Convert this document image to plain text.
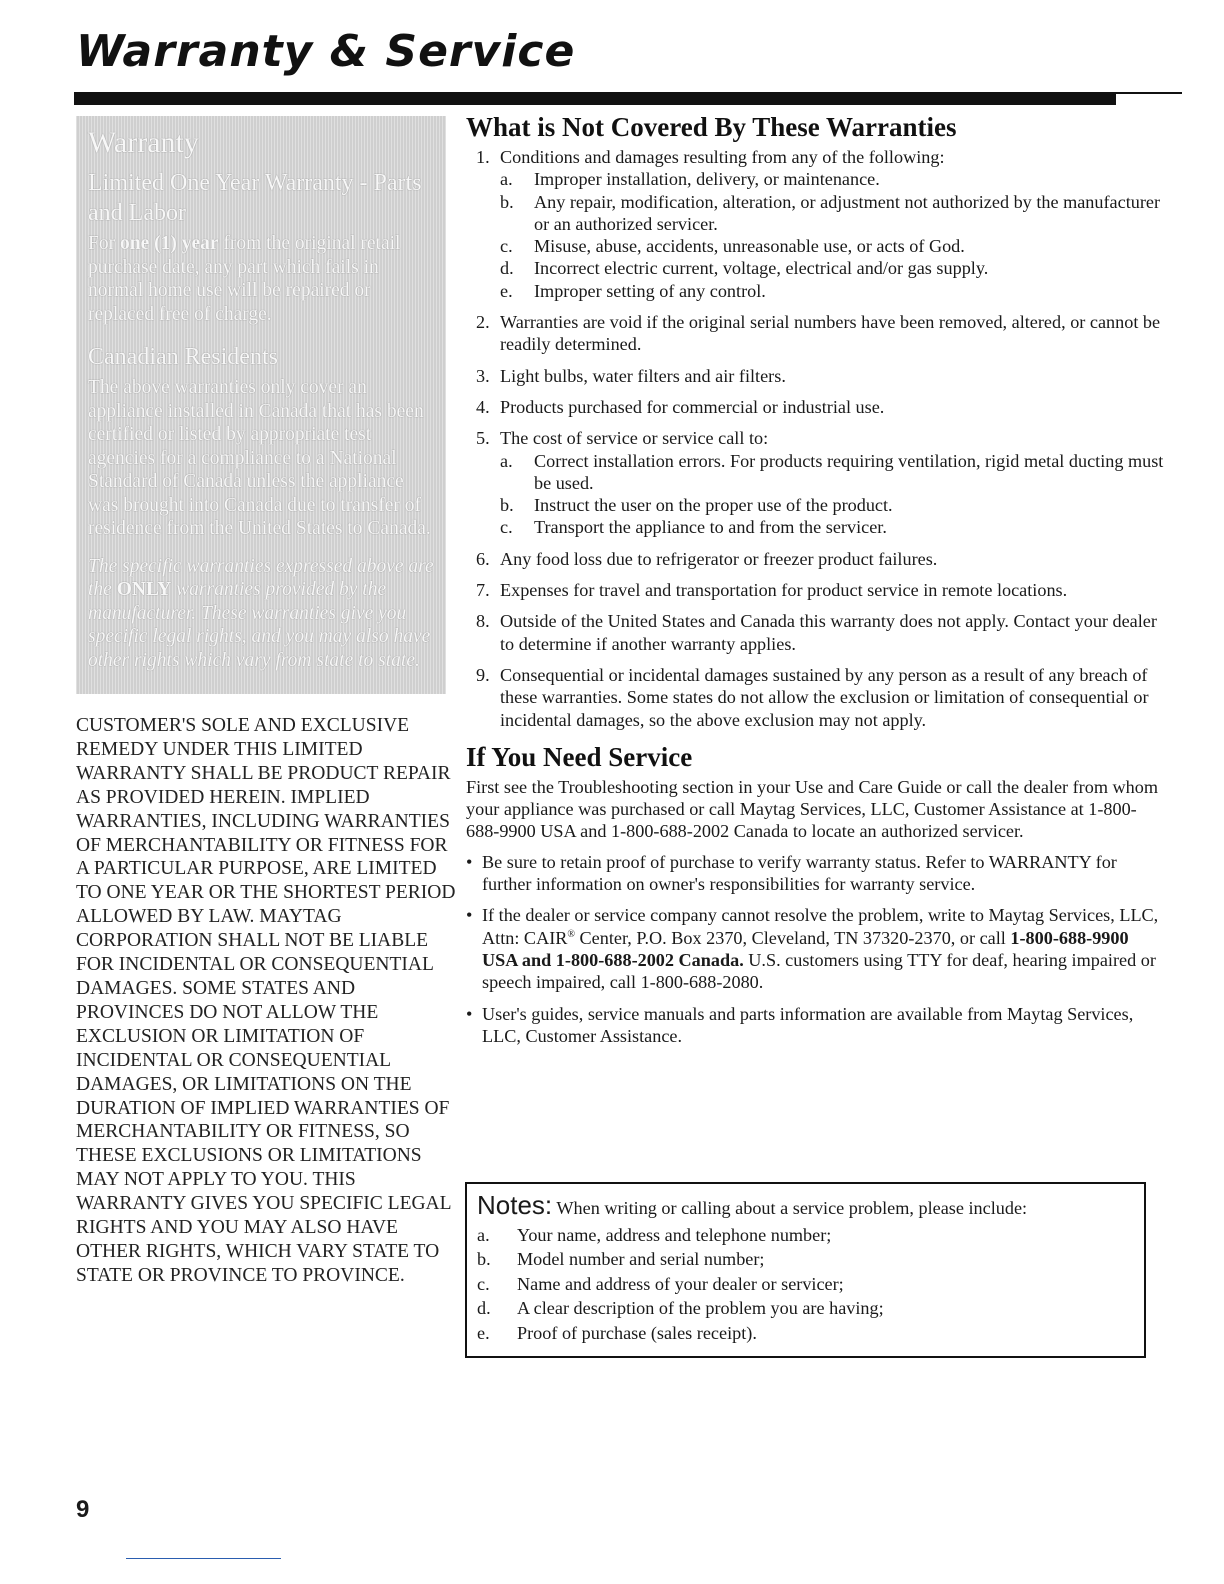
Warranty & Service
Warranty
Limited One Year Warranty - Parts and Labor

For one (1) year from the original retail purchase date, any part which fails in normal home use will be repaired or replaced free of charge.

Canadian Residents

The above warranties only cover an appliance installed in Canada that has been certified or listed by appropriate test agencies for a compliance to a National Standard of Canada unless the appliance was brought into Canada due to transfer of residence from the United States to Canada.

The specific warranties expressed above are the ONLY warranties provided by the manufacturer. These warranties give you specific legal rights, and you may also have other rights which vary from state to state.

CUSTOMER'S SOLE AND EXCLUSIVE REMEDY UNDER THIS LIMITED WARRANTY SHALL BE PRODUCT REPAIR AS PROVIDED HEREIN. IMPLIED WARRANTIES, INCLUDING WARRANTIES OF MERCHANTABILITY OR FITNESS FOR A PARTICULAR PURPOSE, ARE LIMITED TO ONE YEAR OR THE SHORTEST PERIOD ALLOWED BY LAW. MAYTAG CORPORATION SHALL NOT BE LIABLE FOR INCIDENTAL OR CONSEQUENTIAL DAMAGES. SOME STATES AND PROVINCES DO NOT ALLOW THE EXCLUSION OR LIMITATION OF INCIDENTAL OR CONSEQUENTIAL DAMAGES, OR LIMITATIONS ON THE DURATION OF IMPLIED WARRANTIES OF MERCHANTABILITY OR FITNESS, SO THESE EXCLUSIONS OR LIMITATIONS MAY NOT APPLY TO YOU. THIS WARRANTY GIVES YOU SPECIFIC LEGAL RIGHTS AND YOU MAY ALSO HAVE OTHER RIGHTS, WHICH VARY STATE TO STATE OR PROVINCE TO PROVINCE.

What is Not Covered By These Warranties
1. Conditions and damages resulting from any of the following:
a. Improper installation, delivery, or maintenance.
b. Any repair, modification, alteration, or adjustment not authorized by the manufacturer or an authorized servicer.
c. Misuse, abuse, accidents, unreasonable use, or acts of God.
d. Incorrect electric current, voltage, electrical and/or gas supply.
e. Improper setting of any control.
2. Warranties are void if the original serial numbers have been removed, altered, or cannot be readily determined.
3. Light bulbs, water filters and air filters.
4. Products purchased for commercial or industrial use.
5. The cost of service or service call to:
a. Correct installation errors. For products requiring ventilation, rigid metal ducting must be used.
b. Instruct the user on the proper use of the product.
c. Transport the appliance to and from the servicer.
6. Any food loss due to refrigerator or freezer product failures.
7. Expenses for travel and transportation for product service in remote locations.
8. Outside of the United States and Canada this warranty does not apply. Contact your dealer to determine if another warranty applies.
9. Consequential or incidental damages sustained by any person as a result of any breach of these warranties. Some states do not allow the exclusion or limitation of consequential or incidental damages, so the above exclusion may not apply.
If You Need Service

First see the Troubleshooting section in your Use and Care Guide or call the dealer from whom your appliance was purchased or call Maytag Services, LLC, Customer Assistance at 1-800-688-9900 USA and 1-800-688-2002 Canada to locate an authorized servicer.

• Be sure to retain proof of purchase to verify warranty status. Refer to WARRANTY for further information on owner's responsibilities for warranty service.
• If the dealer or service company cannot resolve the problem, write to Maytag Services, LLC, Attn: CAIR® Center, P.O. Box 2370, Cleveland, TN 37320-2370, or call 1-800-688-9900 USA and 1-800-688-2002 Canada. U.S. customers using TTY for deaf, hearing impaired or speech impaired, call 1-800-688-2080.
• User's guides, service manuals and parts information are available from Maytag Services, LLC, Customer Assistance.

Notes: When writing or calling about a service problem, please include:

a. Your name, address and telephone number;
b. Model number and serial number;
c. Name and address of your dealer or servicer;
d. A clear description of the problem you are having;
e. Proof of purchase (sales receipt).

9
